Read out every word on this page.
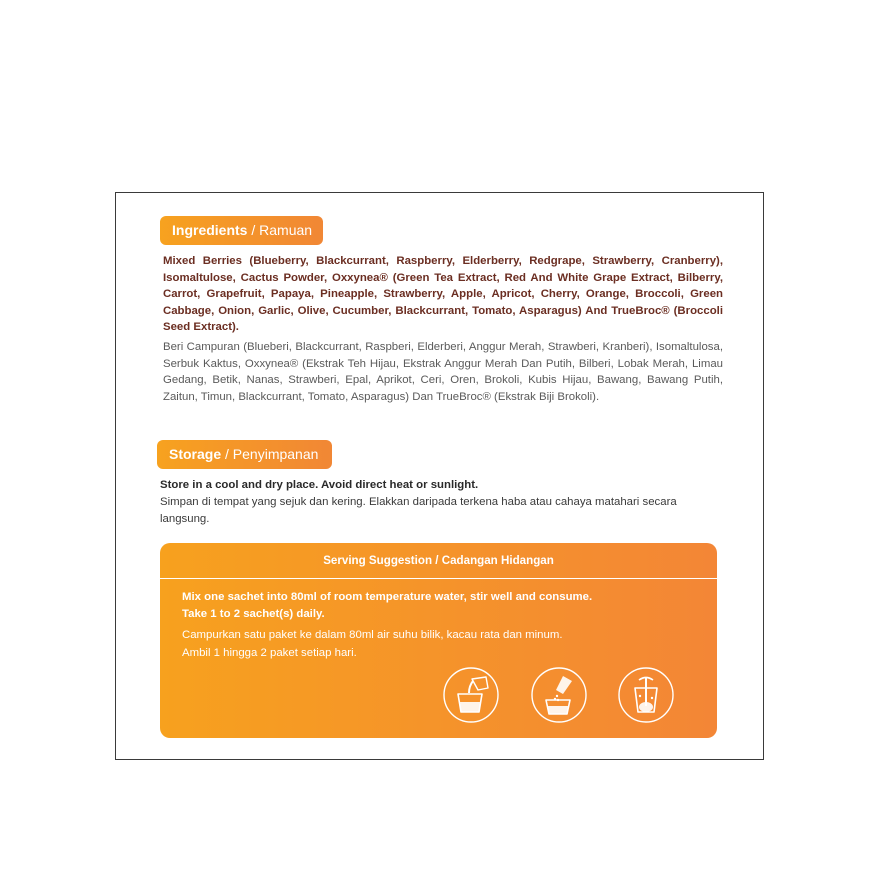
Ingredients / Ramuan

Mixed Berries (Blueberry, Blackcurrant, Raspberry, Elderberry, Redgrape, Strawberry, Cranberry), Isomaltulose, Cactus Powder, Oxxynea® (Green Tea Extract, Red And White Grape Extract, Bilberry, Carrot, Grapefruit, Papaya, Pineapple, Strawberry, Apple, Apricot, Cherry, Orange, Broccoli, Green Cabbage, Onion, Garlic, Olive, Cucumber, Blackcurrant, Tomato, Asparagus) And TrueBroc® (Broccoli Seed Extract).

Beri Campuran (Blueberi, Blackcurrant, Raspberi, Elderberi, Anggur Merah, Strawberi, Kranberi), Isomaltulosa, Serbuk Kaktus, Oxxynea® (Ekstrak Teh Hijau, Ekstrak Anggur Merah Dan Putih, Bilberi, Lobak Merah, Limau Gedang, Betik, Nanas, Strawberi, Epal, Aprikot, Ceri, Oren, Brokoli, Kubis Hijau, Bawang, Bawang Putih, Zaitun, Timun, Blackcurrant, Tomato, Asparagus) Dan TrueBroc® (Ekstrak Biji Brokoli).

Storage / Penyimpanan

Store in a cool and dry place. Avoid direct heat or sunlight.

Simpan di tempat yang sejuk dan kering. Elakkan daripada terkena haba atau cahaya matahari secara langsung.

Serving Suggestion / Cadangan Hidangan

Mix one sachet into 80ml of room temperature water, stir well and consume.
Take 1 to 2 sachet(s) daily.

Campurkan satu paket ke dalam 80ml air suhu bilik, kacau rata dan minum.
Ambil 1 hingga 2 paket setiap hari.
